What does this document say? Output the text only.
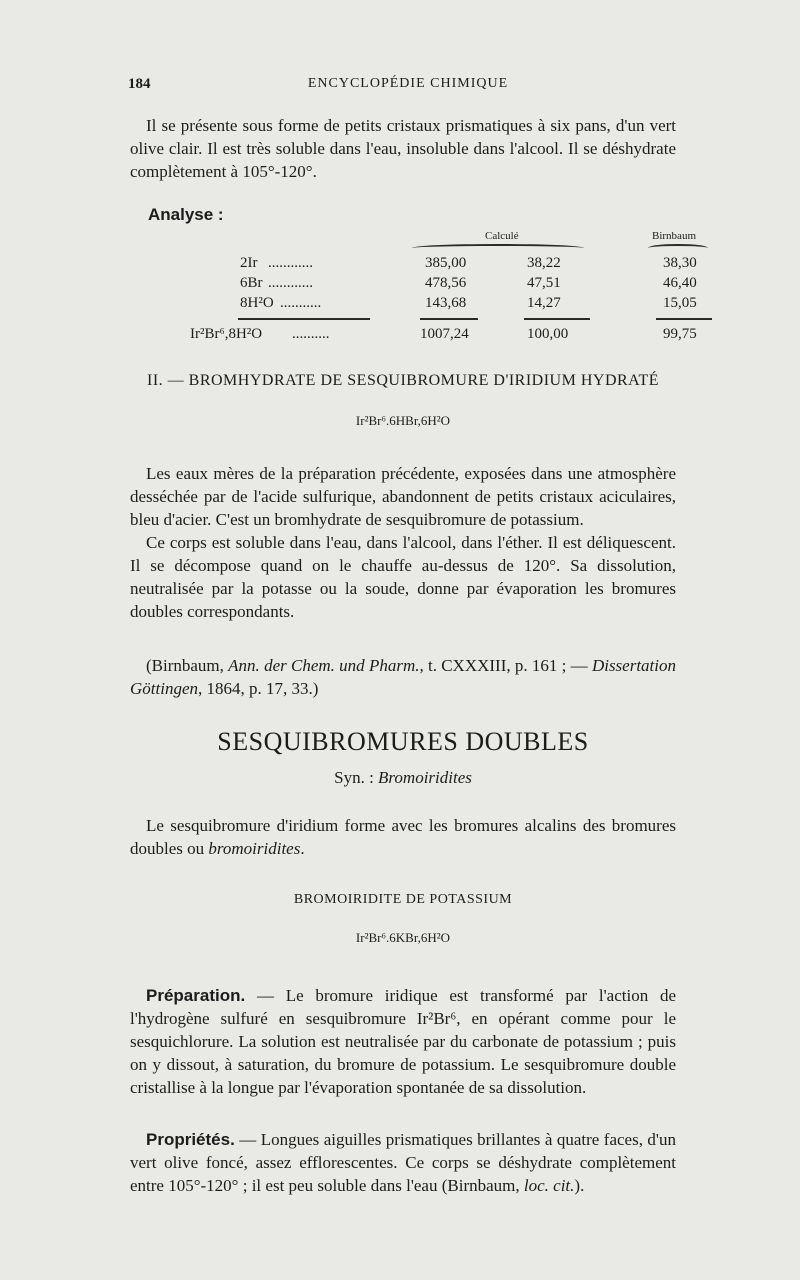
184	ENCYCLOPÉDIE CHIMIQUE
Il se présente sous forme de petits cristaux prismatiques à six pans, d'un vert olive clair. Il est très soluble dans l'eau, insoluble dans l'alcool. Il se déshydrate complètement à 105°-120°.
Analyse :
Calculé	Birnbaum
2Ir ............	385,00	38,22	38,30
6Br ............	478,56	47,51	46,40
8H²O ...........	143,68	14,27	15,05
Ir²Br⁶,8H²O ..........	1007,24	100,00	99,75
II. — BROMHYDRATE DE SESQUIBROMURE D'IRIDIUM HYDRATÉ
Ir²Br⁶.6HBr,6H²O
Les eaux mères de la préparation précédente, exposées dans une atmosphère desséchée par de l'acide sulfurique, abandonnent de petits cristaux aciculaires, bleu d'acier. C'est un bromhydrate de sesquibromure de potassium.
Ce corps est soluble dans l'eau, dans l'alcool, dans l'éther. Il est déliquescent. Il se décompose quand on le chauffe au-dessus de 120°. Sa dissolution, neutralisée par la potasse ou la soude, donne par évaporation les bromures doubles correspondants.
(Birnbaum, Ann. der Chem. und Pharm., t. CXXXIII, p. 161 ; — Dissertation Göttingen, 1864, p. 17, 33.)
SESQUIBROMURES DOUBLES
Syn. : Bromoiridites
Le sesquibromure d'iridium forme avec les bromures alcalins des bromures doubles ou bromoiridites.
BROMOIRIDITE DE POTASSIUM
Ir²Br⁶.6KBr,6H²O
Préparation. — Le bromure iridique est transformé par l'action de l'hydrogène sulfuré en sesquibromure Ir²Br⁶, en opérant comme pour le sesquichlorure. La solution est neutralisée par du carbonate de potassium ; puis on y dissout, à saturation, du bromure de potassium. Le sesquibromure double cristallise à la longue par l'évaporation spontanée de sa dissolution.
Propriétés. — Longues aiguilles prismatiques brillantes à quatre faces, d'un vert olive foncé, assez efflorescentes. Ce corps se déshydrate complètement entre 105°-120° ; il est peu soluble dans l'eau (Birnbaum, loc. cit.).
